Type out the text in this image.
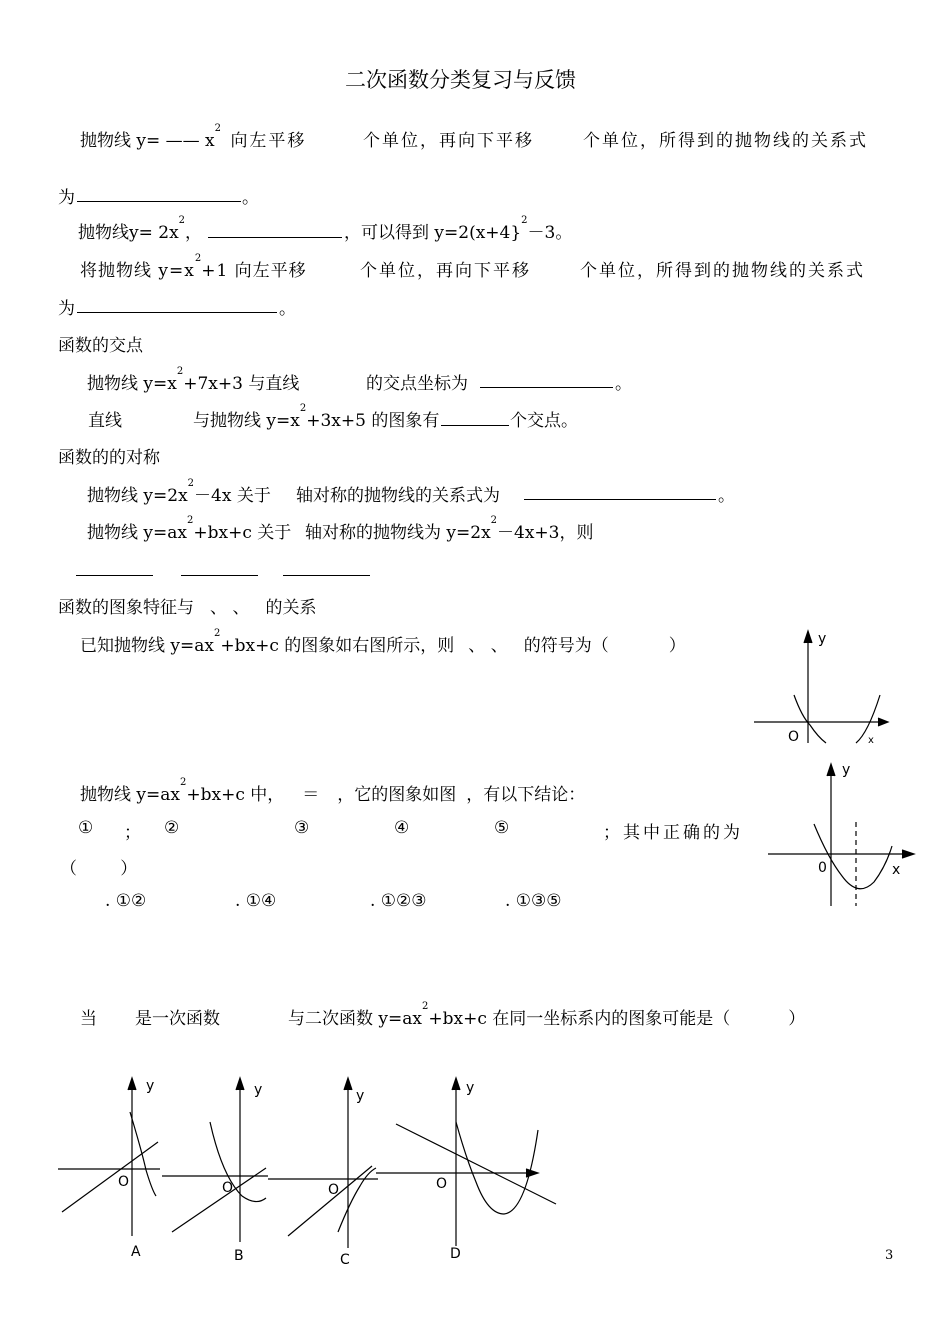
二次函数分类复习与反馈
抛物线 y= —— $x^2$ 向左平移	个单位，再向下平移	个单位，所得到的抛物线的关系式
为	。
抛物线$y= 2x^2$，	，可以得到 y=2(x+4}$^2$－3。
将抛物线 $y=x^2+1$ 向左平移	个单位，再向下平移	个单位，所得到的抛物线的关系式
为	。
函数的交点
抛物线 $y=x^2+7x+3$ 与直线	的交点坐标为	。
直线	与抛物线 $y=x^2+3x+5$ 的图象有	个交点。
函数的的对称
抛物线 $y=2x^2-4x$ 关于 轴对称的抛物线的关系式为	。
抛物线 $y=ax^2+bx+c$ 关于 轴对称的抛物线为 $y=2x^2-4x+3$，则
函数的图象特征与 、 、 的关系
已知抛物线 $y=ax^2+bx+c$ 的图象如右图所示，则 、 、 的符号为（	）	y
O	x
抛物线 $y=ax^2+bx+c$ 中， ＝ ，它的图象如图 ，有以下结论：
① ； ②	③	④	⑤	；其中正确的为
（        ）
. ①②	. ①④	. ①②③	. ①③⑤
y
0	x
当 是一次函数	与二次函数 $y=ax^2+bx+c$ 在同一坐标系内的图象可能是（	）
y
O
A
y
O
B
y
O
C
y
O
D	3
